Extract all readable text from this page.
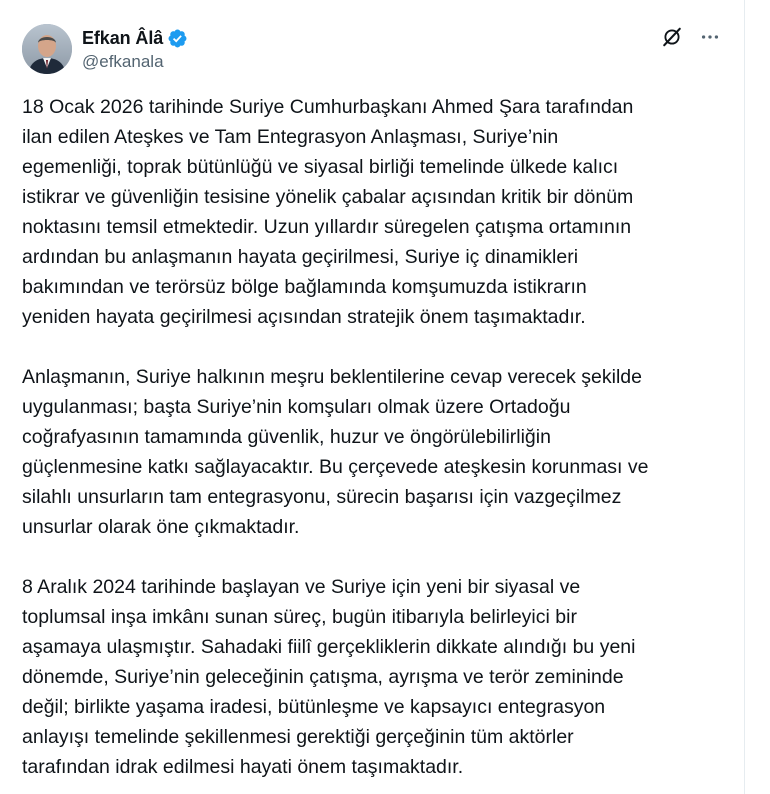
Efkan Âlâ
@efkanala

18 Ocak 2026 tarihinde Suriye Cumhurbaşkanı Ahmed Şara tarafından
ilan edilen Ateşkes ve Tam Entegrasyon Anlaşması, Suriye’nin
egemenliği, toprak bütünlüğü ve siyasal birliği temelinde ülkede kalıcı
istikrar ve güvenliğin tesisine yönelik çabalar açısından kritik bir dönüm
noktasını temsil etmektedir. Uzun yıllardır süregelen çatışma ortamının
ardından bu anlaşmanın hayata geçirilmesi, Suriye iç dinamikleri
bakımından ve terörsüz bölge bağlamında komşumuzda istikrarın
yeniden hayata geçirilmesi açısından stratejik önem taşımaktadır.

Anlaşmanın, Suriye halkının meşru beklentilerine cevap verecek şekilde
uygulanması; başta Suriye’nin komşuları olmak üzere Ortadoğu
coğrafyasının tamamında güvenlik, huzur ve öngörülebilirliğin
güçlenmesine katkı sağlayacaktır. Bu çerçevede ateşkesin korunması ve
silahlı unsurların tam entegrasyonu, sürecin başarısı için vazgeçilmez
unsurlar olarak öne çıkmaktadır.

8 Aralık 2024 tarihinde başlayan ve Suriye için yeni bir siyasal ve
toplumsal inşa imkânı sunan süreç, bugün itibarıyla belirleyici bir
aşamaya ulaşmıştır. Sahadaki fiilî gerçekliklerin dikkate alındığı bu yeni
dönemde, Suriye’nin geleceğinin çatışma, ayrışma ve terör zemininde
değil; birlikte yaşama iradesi, bütünleşme ve kapsayıcı entegrasyon
anlayışı temelinde şekillenmesi gerektiği gerçeğinin tüm aktörler
tarafından idrak edilmesi hayati önem taşımaktadır.
